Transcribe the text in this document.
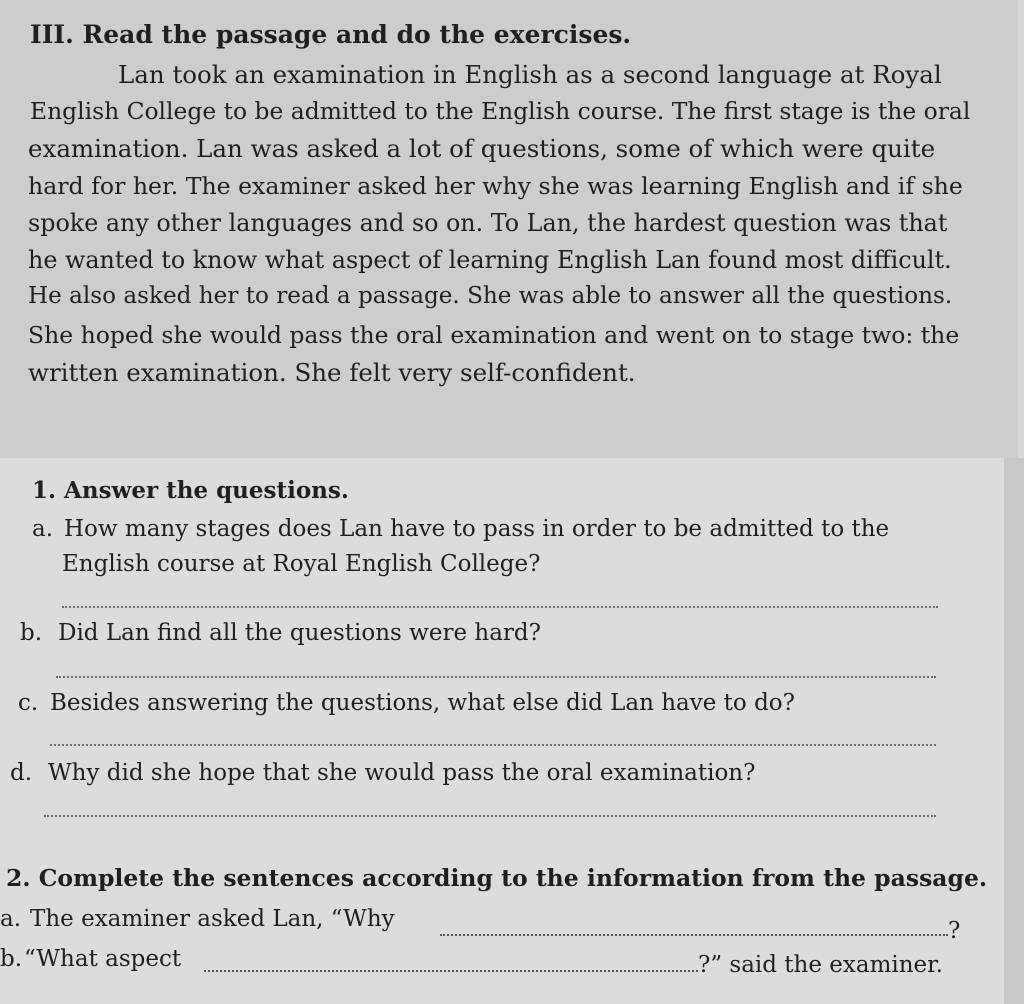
III. Read the passage and do the exercises.
Lan took an examination in English as a second language at Royal
English College to be admitted to the English course. The first stage is the oral
examination. Lan was asked a lot of questions, some of which were quite
hard for her. The examiner asked her why she was learning English and if she
spoke any other languages and so on. To Lan, the hardest question was that
he wanted to know what aspect of learning English Lan found most difficult.
He also asked her to read a passage. She was able to answer all the questions.
She hoped she would pass the oral examination and went on to stage two: the
written examination. She felt very self-confident.
1. Answer the questions.
a. How many stages does Lan have to pass in order to be admitted to the
English course at Royal English College?
b. Did Lan find all the questions were hard?
c. Besides answering the questions, what else did Lan have to do?
d. Why did she hope that she would pass the oral examination?
2. Complete the sentences according to the information from the passage.
a. The examiner asked Lan, “Why	?
b. “What aspect	?” said the examiner.
